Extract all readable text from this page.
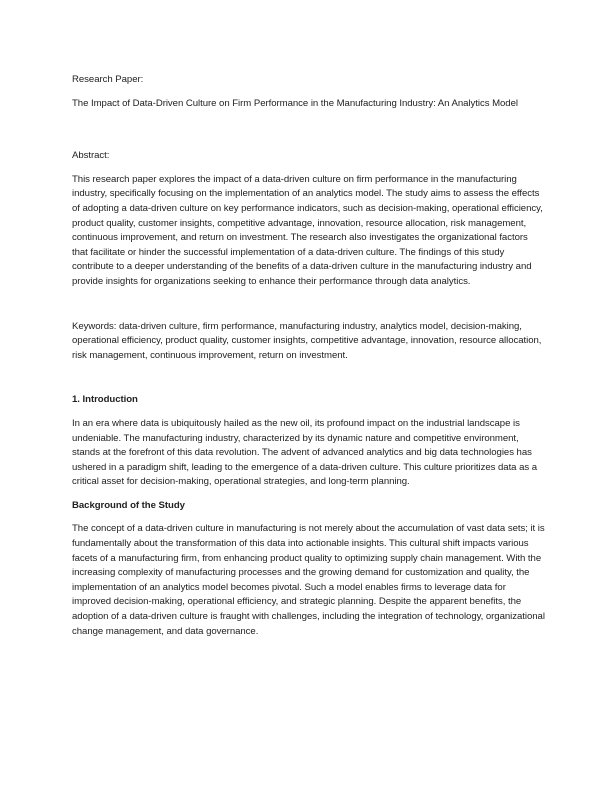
Research Paper:

The Impact of Data-Driven Culture on Firm Performance in the Manufacturing Industry: An Analytics Model

Abstract:

This research paper explores the impact of a data-driven culture on firm performance in the manufacturing industry, specifically focusing on the implementation of an analytics model. The study aims to assess the effects of adopting a data-driven culture on key performance indicators, such as decision-making, operational efficiency, product quality, customer insights, competitive advantage, innovation, resource allocation, risk management, continuous improvement, and return on investment. The research also investigates the organizational factors that facilitate or hinder the successful implementation of a data-driven culture. The findings of this study contribute to a deeper understanding of the benefits of a data-driven culture in the manufacturing industry and provide insights for organizations seeking to enhance their performance through data analytics.

Keywords: data-driven culture, firm performance, manufacturing industry, analytics model, decision-making, operational efficiency, product quality, customer insights, competitive advantage, innovation, resource allocation, risk management, continuous improvement, return on investment.

1. Introduction

In an era where data is ubiquitously hailed as the new oil, its profound impact on the industrial landscape is undeniable. The manufacturing industry, characterized by its dynamic nature and competitive environment, stands at the forefront of this data revolution. The advent of advanced analytics and big data technologies has ushered in a paradigm shift, leading to the emergence of a data-driven culture. This culture prioritizes data as a critical asset for decision-making, operational strategies, and long-term planning.

Background of the Study

The concept of a data-driven culture in manufacturing is not merely about the accumulation of vast data sets; it is fundamentally about the transformation of this data into actionable insights. This cultural shift impacts various facets of a manufacturing firm, from enhancing product quality to optimizing supply chain management. With the increasing complexity of manufacturing processes and the growing demand for customization and quality, the implementation of an analytics model becomes pivotal. Such a model enables firms to leverage data for improved decision-making, operational efficiency, and strategic planning. Despite the apparent benefits, the adoption of a data-driven culture is fraught with challenges, including the integration of technology, organizational change management, and data governance.
